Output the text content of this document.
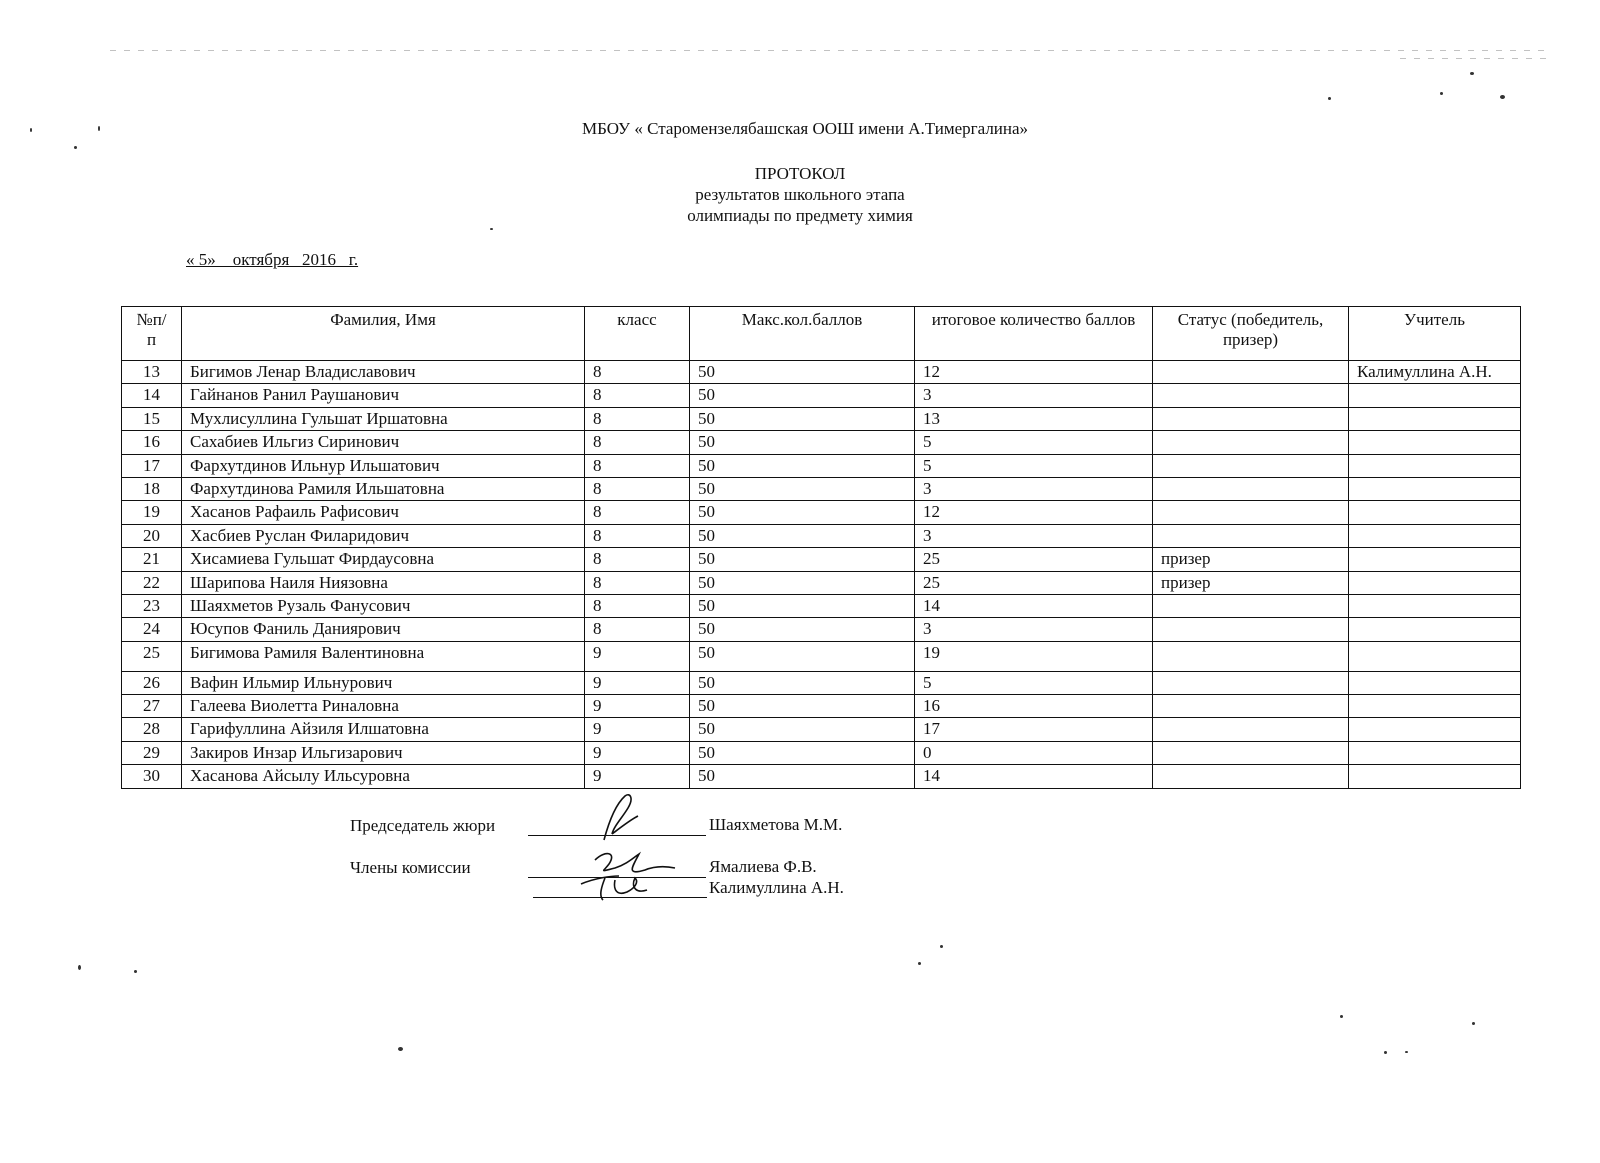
МБОУ « Старомензелябашская ООШ имени А.Тимергалина»
ПРОТОКОЛ
результатов школьного этапа
олимпиады по предмету химия
« 5»    октября   2016   г.
№п/ п	Фамилия, Имя	класс	Макс.кол.баллов	итоговое количество баллов	Статус (победитель, призер)	Учитель
13	Бигимов Ленар Владиславович	8	50	12		Калимуллина А.Н.
14	Гайнанов Ранил Раушанович	8	50	3		
15	Мухлисуллина Гульшат Иршатовна	8	50	13		
16	Сахабиев Ильгиз Сиринович	8	50	5		
17	Фархутдинов Ильнур Ильшатович	8	50	5		
18	Фархутдинова Рамиля Ильшатовна	8	50	3		
19	Хасанов Рафаиль Рафисович	8	50	12		
20	Хасбиев Руслан Филаридович	8	50	3		
21	Хисамиева Гульшат Фирдаусовна	8	50	25	призер	
22	Шарипова Наиля Ниязовна	8	50	25	призер	
23	Шаяхметов Рузаль Фанусович	8	50	14		
24	Юсупов Фаниль Даниярович	8	50	3		
25	Бигимова Рамиля Валентиновна	9	50	19		
26	Вафин Ильмир Ильнурович	9	50	5		
27	Галеева Виолетта Риналовна	9	50	16		
28	Гарифуллина Айзиля Илшатовна	9	50	17		
29	Закиров Инзар Ильгизарович	9	50	0		
30	Хасанова Айсылу Ильсуровна	9	50	14		
Председатель жюри	Шаяхметова М.М.
Члены комиссии	Ямалиева Ф.В.
Калимуллина А.Н.
